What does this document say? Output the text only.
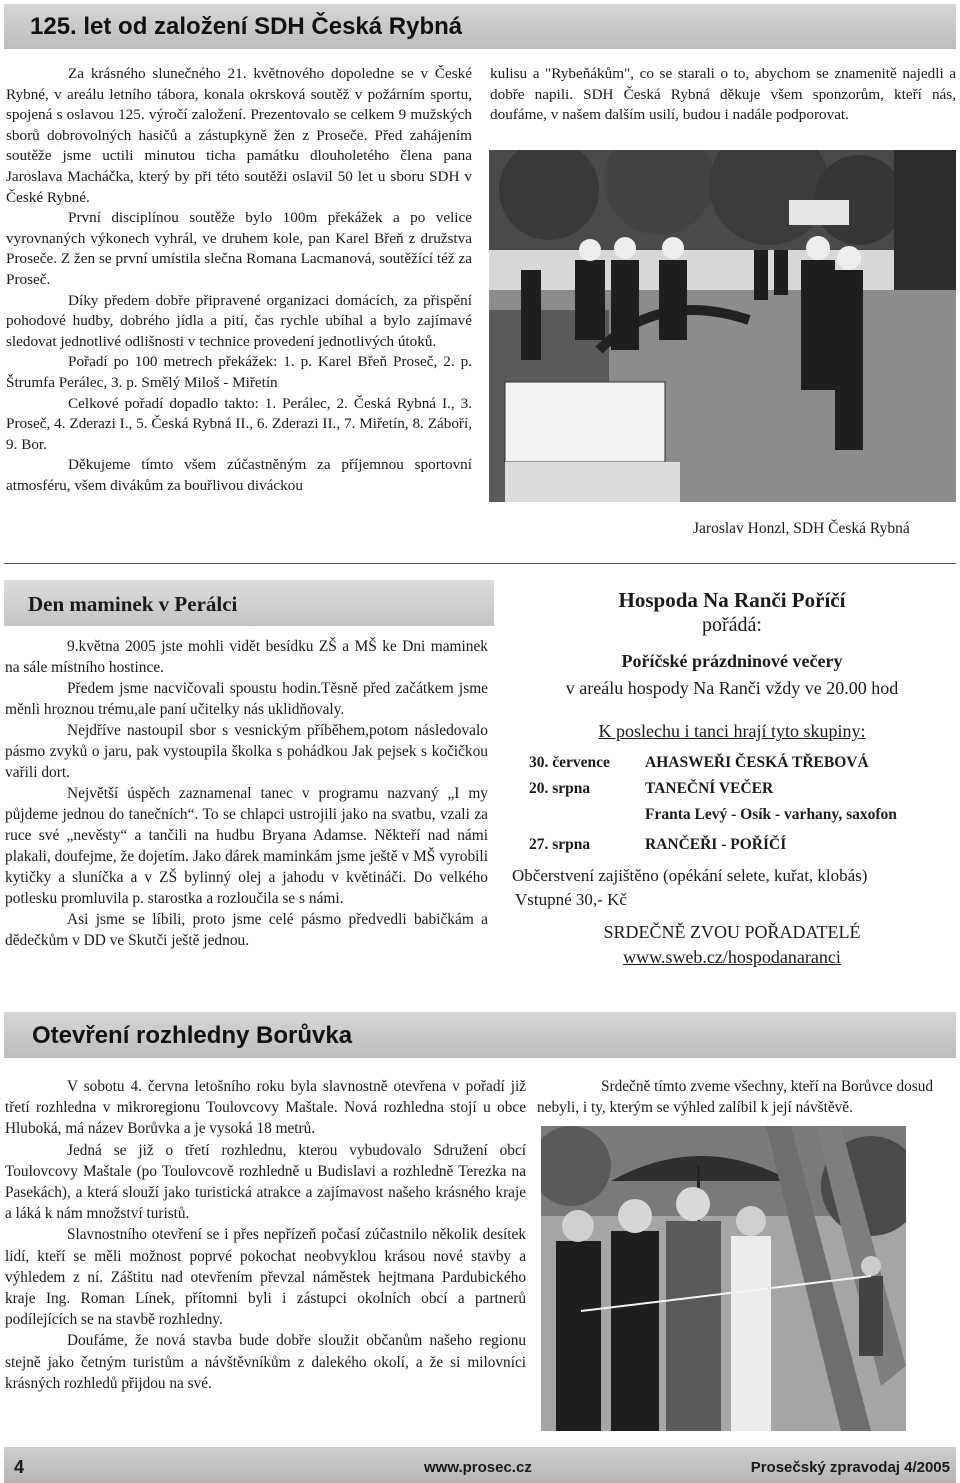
125. let od založení SDH Česká Rybná

Za krásného slunečného 21. květnového dopoledne se v České Rybné, v areálu letního tábora, konala okrsková soutěž v požárním sportu, spojená s oslavou 125. výročí založení. Prezentovalo se celkem 9 mužských sborů dobrovolných hasičů a zástupkyně žen z Proseče. Před zahájením soutěže jsme uctili minutou ticha památku dlouholetého člena pana Jaroslava Macháčka, který by při této soutěži oslavil 50 let u sboru SDH v České Rybné.

První disciplínou soutěže bylo 100m překážek a po velice vyrovnaných výkonech vyhrál, ve druhem kole, pan Karel Břeň z družstva Proseče. Z žen se první umístila slečna Romana Lacmanová, soutěžící též za Proseč.

Díky předem dobře připravené organizaci domácích, za přispění pohodové hudby, dobrého jídla a pití, čas rychle ubíhal a bylo zajímavé sledovat jednotlivé odlišnosti v technice provedení jednotlivých útoků.

Pořadí po 100 metrech překážek: 1. p. Karel Břeň Proseč, 2. p. Štrumfa Perálec, 3. p. Smělý Miloš - Miřetín

Celkové pořadí dopadlo takto: 1. Perálec, 2. Česká Rybná I., 3. Proseč, 4. Zderazi I., 5. Česká Rybná II., 6. Zderazi II., 7. Miřetín, 8. Záboří, 9. Bor.

Děkujeme tímto všem zúčastněným za příjemnou sportovní atmosféru, všem divákům za bouřlivou diváckou

kulisu a "Rybeňákům", co se starali o to, abychom se znamenitě najedli a dobře napili. SDH Česká Rybná děkuje všem sponzorům, kteří nás, doufáme, v našem dalším usilí, budou i nadále podporovat.

Jaroslav Honzl, SDH Česká Rybná
Den maminek v Perálci

9.května 2005 jste mohli vidět besídku ZŠ a MŠ ke Dni maminek na sále místního hostince.

Předem jsme nacvičovali spoustu hodin.Těsně před začátkem jsme měnli hroznou trému,ale paní učitelky nás uklidňovaly.

Nejdříve nastoupil sbor s vesnickým příběhem,potom následovalo pásmo zvyků o jaru, pak vystoupila školka s pohádkou Jak pejsek s kočičkou vařili dort.

Největší úspěch zaznamenal tanec v programu nazvaný „I my půjdeme jednou do tanečních“. To se chlapci ustrojili jako na svatbu, vzali za ruce své „nevěsty“ a tančili na hudbu Bryana Adamse. Někteří nad námi plakali, doufejme, že dojetím. Jako dárek maminkám jsme ještě v MŠ vyrobili kytičky a sluníčka a v ZŠ bylinný olej a jahodu v květináči. Do velkého potlesku promluvila p. starostka a rozloučila se s námi.

Asi jsme se líbili, proto jsme celé pásmo předvedli babičkám a dědečkům v DD ve Skutči ještě jednou.

Hospoda Na Ranči Poříčí
pořádá:
Poříčské prázdninové večery
v areálu hospody Na Ranči vždy ve 20.00 hod
K poslechu i tanci hrají tyto skupiny:
30. července AHASWEŘI ČESKÁ TŘEBOVÁ
20. srpna	TANEČNÍ VEČER
Franta Levý - Osík - varhany, saxofon
27. srpna	RANČEŘI - POŘÍČÍ
Občerstvení zajištěno (opékání selete, kuřat, klobás)
Vstupné 30,- Kč
SRDEČNĚ ZVOU POŘADATELÉ
www.sweb.cz/hospodanaranci
Otevření rozhledny Borůvka

V sobotu 4. června letošního roku byla slavnostně otevřena v pořadí již třetí rozhledna v mikroregionu Toulovcovy Maštale. Nová rozhledna stojí u obce Hluboká, má název Borůvka a je vysoká 18 metrů.

Jedná se již o třetí rozhlednu, kterou vybudovalo Sdružení obcí Toulovcovy Maštale (po Toulovcově rozhledně u Budislavi a rozhledně Terezka na Pasekách), a která slouží jako turistická atrakce a zajímavost našeho krásného kraje a láká k nám množství turistů.

Slavnostního otevření se i přes nepřízeň počasí zúčastnilo několik desítek lidí, kteří se měli možnost poprvé pokochat neobvyklou krásou nové stavby a výhledem z ní. Záštitu nad otevřením převzal náměstek hejtmana Pardubického kraje Ing. Roman Línek, přítomni byli i zástupci okolních obcí a partnerů podílejících se na stavbě rozhledny.

Doufáme, že nová stavba bude dobře sloužit občanům našeho regionu stejně jako četným turistům a návštěvníkům z dalekého okolí, a že si milovníci krásných rozhledů přijdou na své.

Srdečně tímto zveme všechny, kteří na Borůvce dosud nebyli, i ty, kterým se výhled zalíbil k její návštěvě.

4	www.prosec.cz	Prosečský zpravodaj 4/2005
